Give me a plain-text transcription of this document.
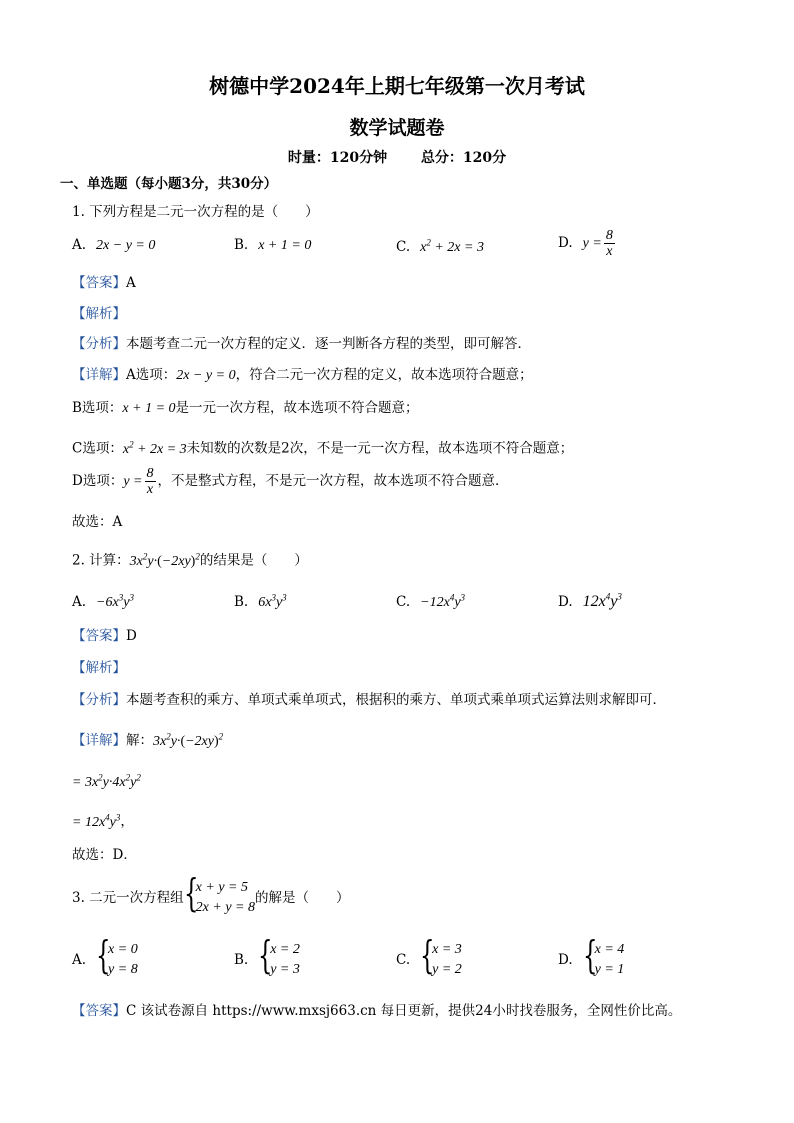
树德中学2024年上期七年级第一次月考试
数学试题卷
时量：120分钟 总分：120分
一、单选题（每小题3分，共30分）
1. 下列方程是二元一次方程的是（　　）
A. 2x − y = 0	B. x + 1 = 0	C. $x^2 + 2x = 3$	D. $y = \frac{8}{x}$
【答案】A
【解析】
【分析】本题考查二元一次方程的定义．逐一判断各方程的类型，即可解答．
【详解】A选项：2x − y = 0，符合二元一次方程的定义，故本选项符合题意；
B选项：x + 1 = 0是一元一次方程，故本选项不符合题意；
C选项：$x^2 + 2x = 3$未知数的次数是2次，不是一元一次方程，故本选项不符合题意；
D选项：$y = \frac{8}{x}$ ，不是整式方程，不是元一次方程，故本选项不符合题意．
故选：A
2. 计算：$3x^2y\cdot(-2xy)^2$的结果是（　　）
A. $-6x^3y^3$	B. $6x^3y^3$	C. $-12x^4y^3$	D. $12x^4y^3$
【答案】D
【解析】
【分析】本题考查积的乘方、单项式乘单项式，根据积的乘方、单项式乘单项式运算法则求解即可．
【详解】解：$3x^2y\cdot(-2xy)^2$
= $3x^2y\cdot 4x^2y^2$
= $12x^4y^3$，
故选：D．
3. 二元一次方程组 {
x + y = 5
2x + y = 8
的解是（　　）
A. {
x = 0
y = 8
B. {
x = 2
y = 3
C. {
x = 3
y = 2
D. {
x = 4
y = 1
【答案】C 该试卷源自 https://www.mxsj663.cn 每日更新，提供24小时找卷服务，全网性价比高。
